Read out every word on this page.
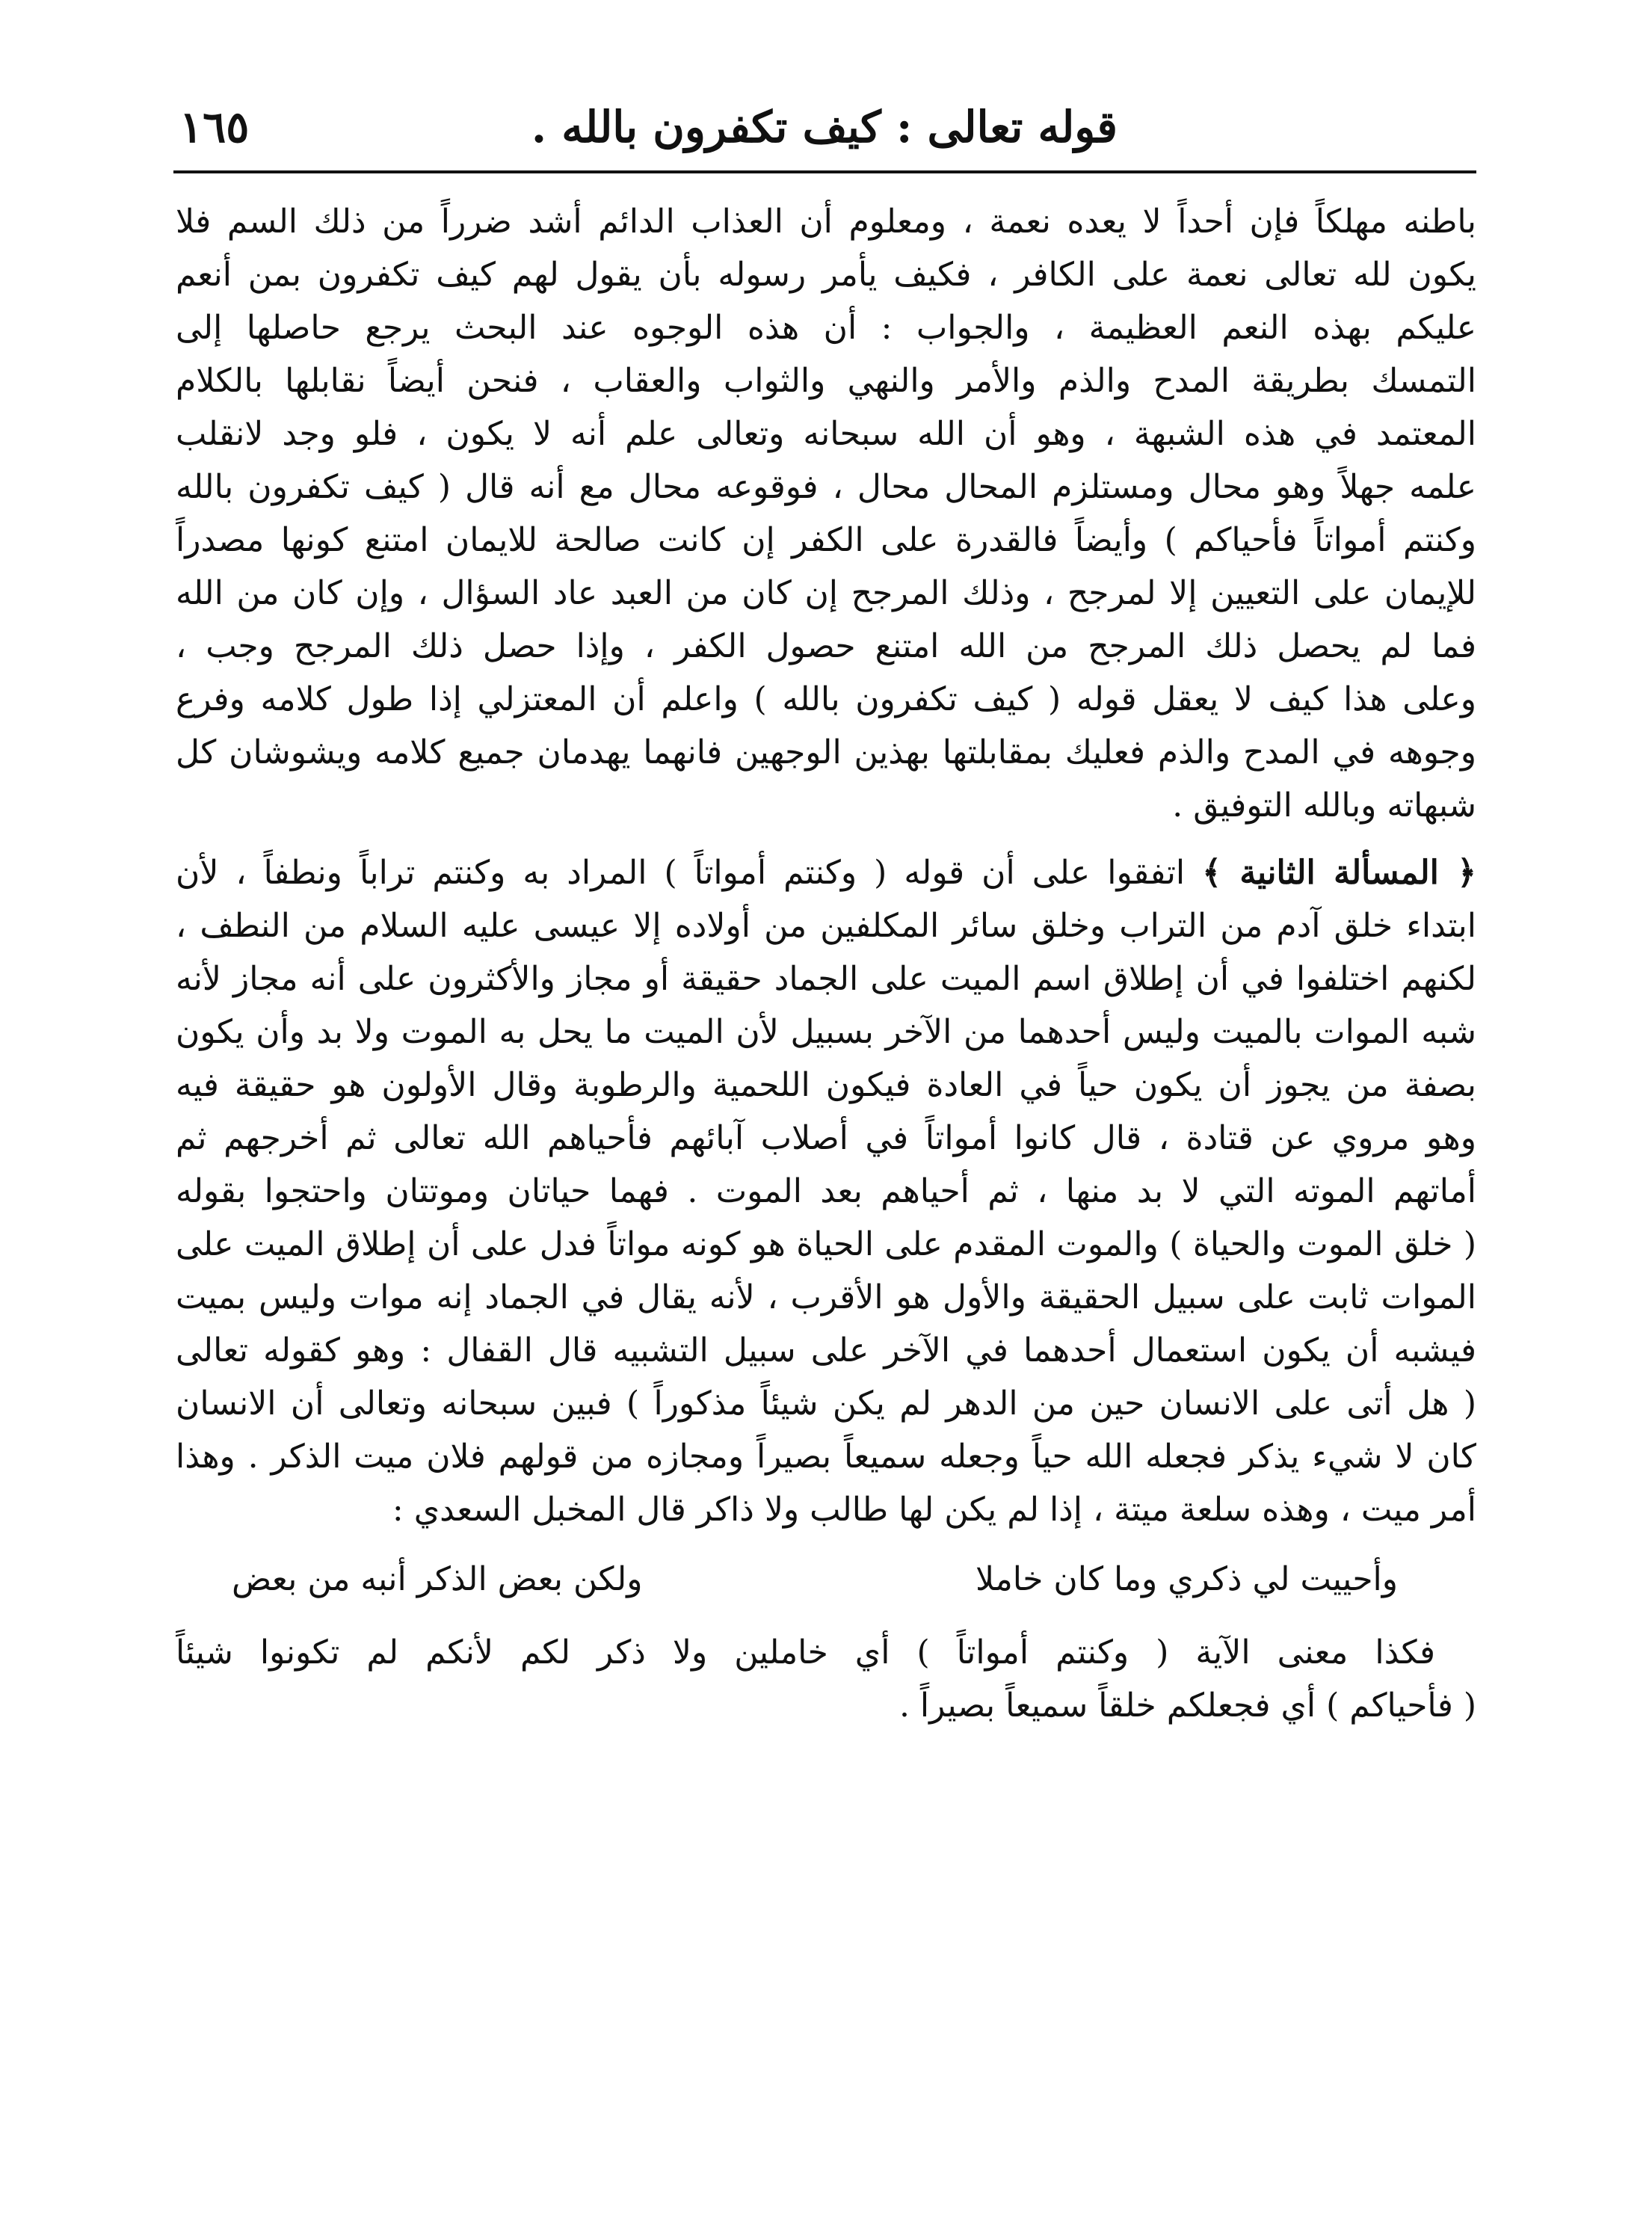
قوله تعالى : كيف تكفرون بالله .
١٦٥
باطنه مهلكاً فإن أحداً لا يعده نعمة ، ومعلوم أن العذاب الدائم أشد ضرراً من ذلك السم فلا
يكون لله تعالى نعمة على الكافر ، فكيف يأمر رسوله بأن يقول لهم كيف تكفرون بمن أنعم
عليكم بهذه النعم العظيمة ، والجواب : أن هذه الوجوه عند البحث يرجع حاصلها إلى
التمسك بطريقة المدح والذم والأمر والنهي والثواب والعقاب ، فنحن أيضاً نقابلها بالكلام
المعتمد في هذه الشبهة ، وهو أن الله سبحانه وتعالى علم أنه لا يكون ، فلو وجد لانقلب
علمه جهلاً وهو محال ومستلزم المحال محال ، فوقوعه محال مع أنه قال ( كيف تكفرون بالله
وكنتم أمواتاً فأحياكم ) وأيضاً فالقدرة على الكفر إن كانت صالحة للايمان امتنع كونها مصدراً
للإيمان على التعيين إلا لمرجح ، وذلك المرجح إن كان من العبد عاد السؤال ، وإن كان من الله
فما لم يحصل ذلك المرجح من الله امتنع حصول الكفر ، وإذا حصل ذلك المرجح وجب ،
وعلى هذا كيف لا يعقل قوله ( كيف تكفرون بالله ) واعلم أن المعتزلي إذا طول كلامه وفرع
وجوهه في المدح والذم فعليك بمقابلتها بهذين الوجهين فانهما يهدمان جميع كلامه ويشوشان كل
شبهاته وبالله التوفيق .
﴿ المسألة الثانية ﴾ اتفقوا على أن قوله ( وكنتم أمواتاً ) المراد به وكنتم تراباً ونطفاً ، لأن
ابتداء خلق آدم من التراب وخلق سائر المكلفين من أولاده إلا عيسى عليه السلام من النطف ،
لكنهم اختلفوا في أن إطلاق اسم الميت على الجماد حقيقة أو مجاز والأكثرون على أنه مجاز لأنه
شبه الموات بالميت وليس أحدهما من الآخر بسبيل لأن الميت ما يحل به الموت ولا بد وأن يكون
بصفة من يجوز أن يكون حياً في العادة فيكون اللحمية والرطوبة وقال الأولون هو حقيقة فيه
وهو مروي عن قتادة ، قال كانوا أمواتاً في أصلاب آبائهم فأحياهم الله تعالى ثم أخرجهم ثم
أماتهم الموته التي لا بد منها ، ثم أحياهم بعد الموت . فهما حياتان وموتتان واحتجوا بقوله
( خلق الموت والحياة ) والموت المقدم على الحياة هو كونه مواتاً فدل على أن إطلاق الميت على
الموات ثابت على سبيل الحقيقة والأول هو الأقرب ، لأنه يقال في الجماد إنه موات وليس بميت
فيشبه أن يكون استعمال أحدهما في الآخر على سبيل التشبيه قال القفال : وهو كقوله تعالى
( هل أتى على الانسان حين من الدهر لم يكن شيئاً مذكوراً ) فبين سبحانه وتعالى أن الانسان
كان لا شيء يذكر فجعله الله حياً وجعله سميعاً بصيراً ومجازه من قولهم فلان ميت الذكر . وهذا
أمر ميت ، وهذه سلعة ميتة ، إذا لم يكن لها طالب ولا ذاكر قال المخبل السعدي :
وأحييت لي ذكري وما كان خاملا
ولكن بعض الذكر أنبه من بعض
فكذا معنى الآية ( وكنتم أمواتاً ) أي خاملين ولا ذكر لكم لأنكم لم تكونوا شيئاً
( فأحياكم ) أي فجعلكم خلقاً سميعاً بصيراً .
